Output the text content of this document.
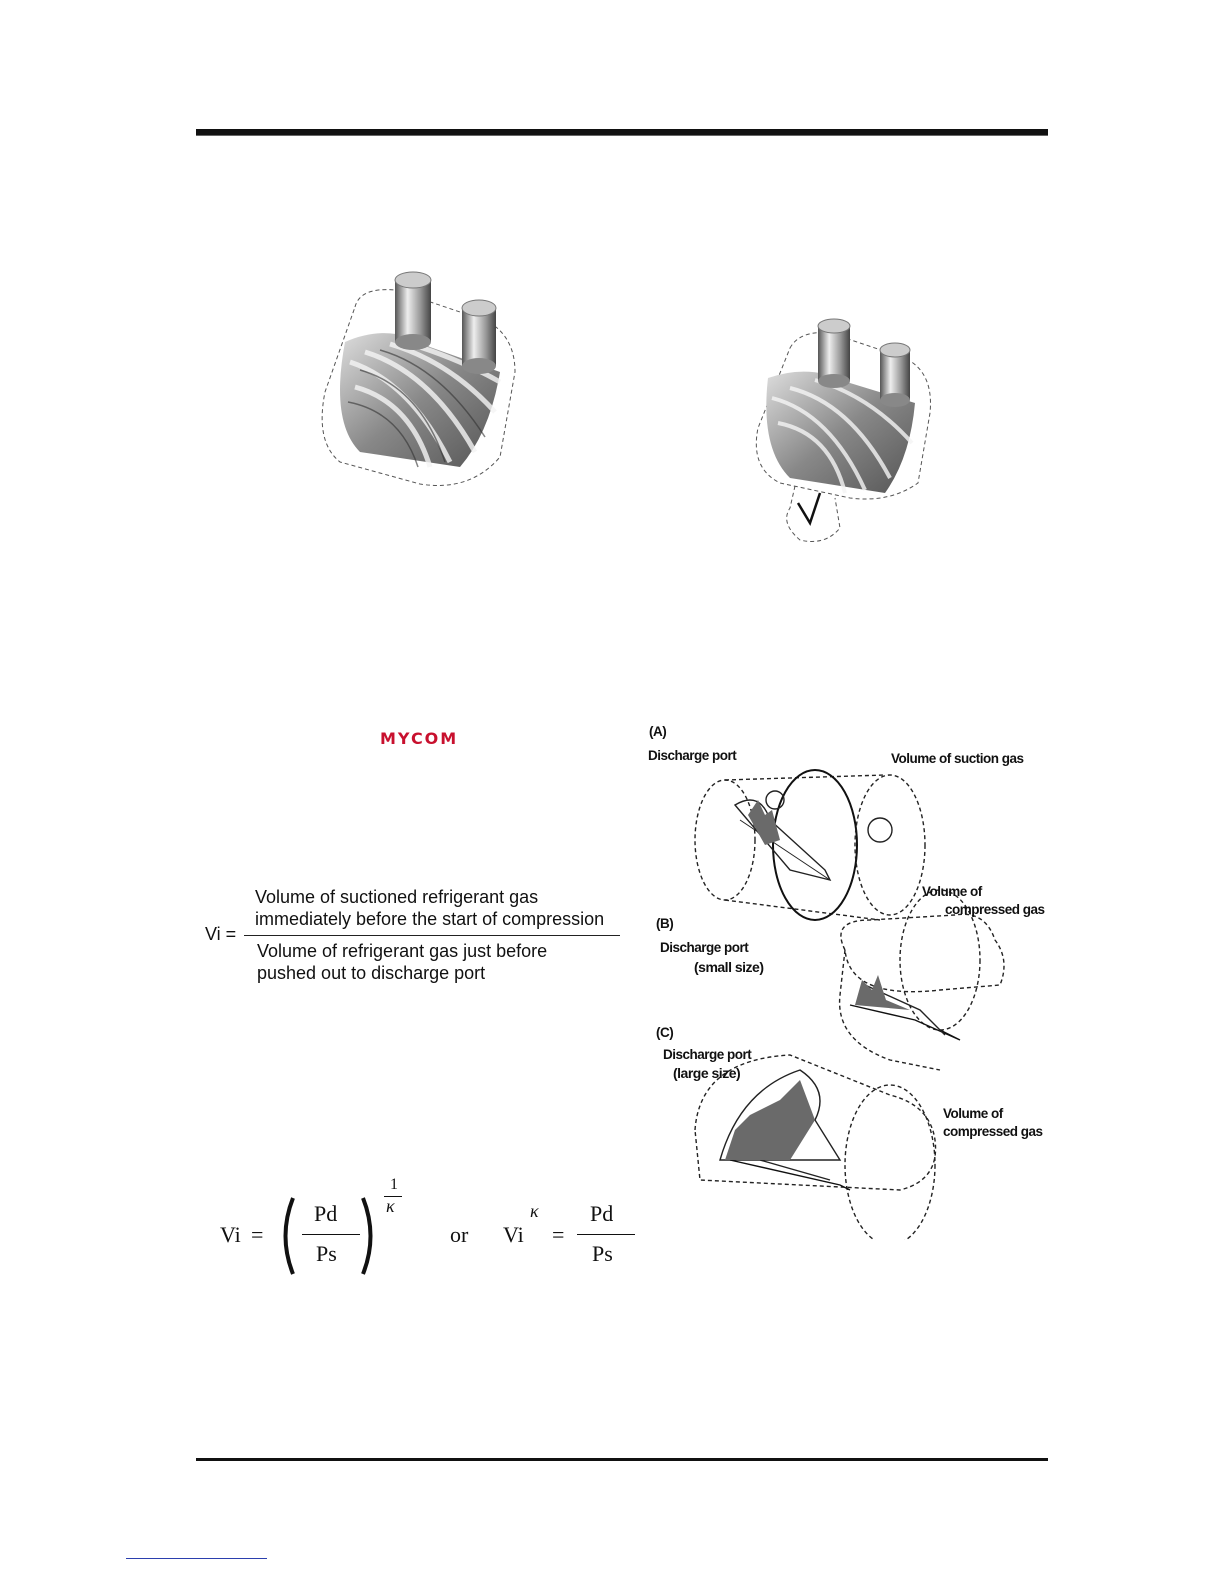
MYCOM
Vi =
Volume of suctioned refrigerant gas
immediately before the start of compression
Volume of refrigerant gas just before
pushed out to discharge port
(A)
Discharge port	Volume of suction gas
Volume of
compressed gas
(B)
Discharge port
(small size)
(C)
Discharge port
(large size)
Volume of
compressed gas
Vi =
Pd
Ps
1
κ
or Vi
κ
=
Pd
Ps
